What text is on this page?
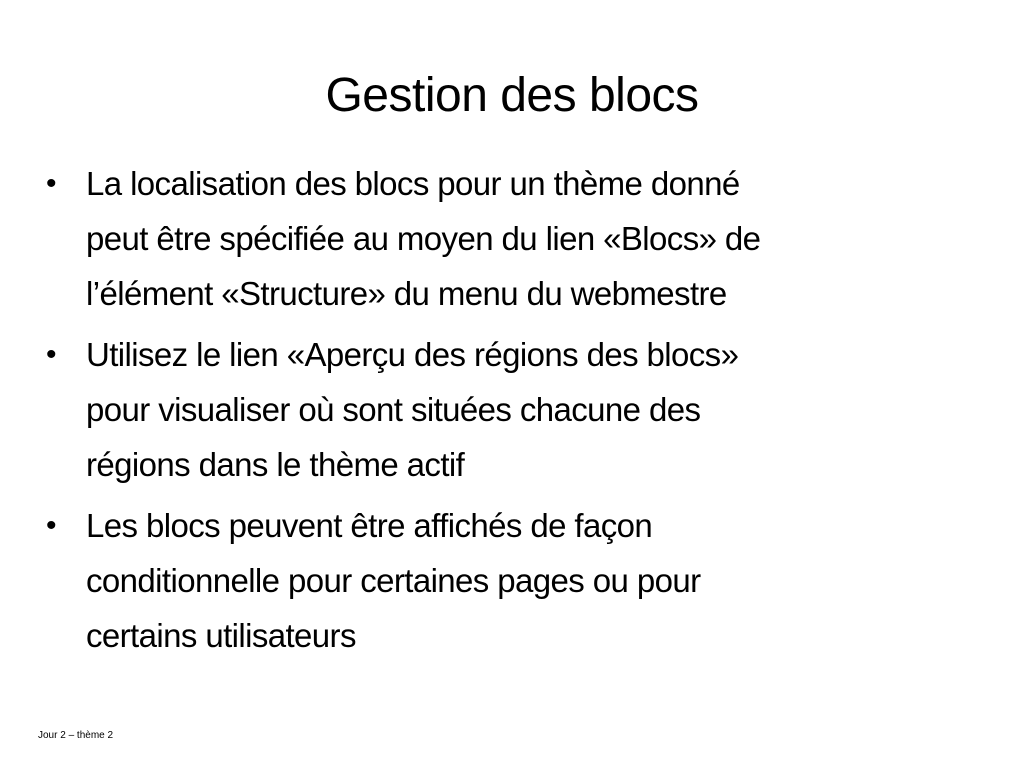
Gestion des blocs
• La localisation des blocs pour un thème donné
peut être spécifiée au moyen du lien «Blocs» de
l’élément «Structure» du menu du webmestre
• Utilisez le lien «Aperçu des régions des blocs»
pour visualiser où sont situées chacune des
régions dans le thème actif
• Les blocs peuvent être affichés de façon
conditionnelle pour certaines pages ou pour
certains utilisateurs
Jour 2 – thème 2
